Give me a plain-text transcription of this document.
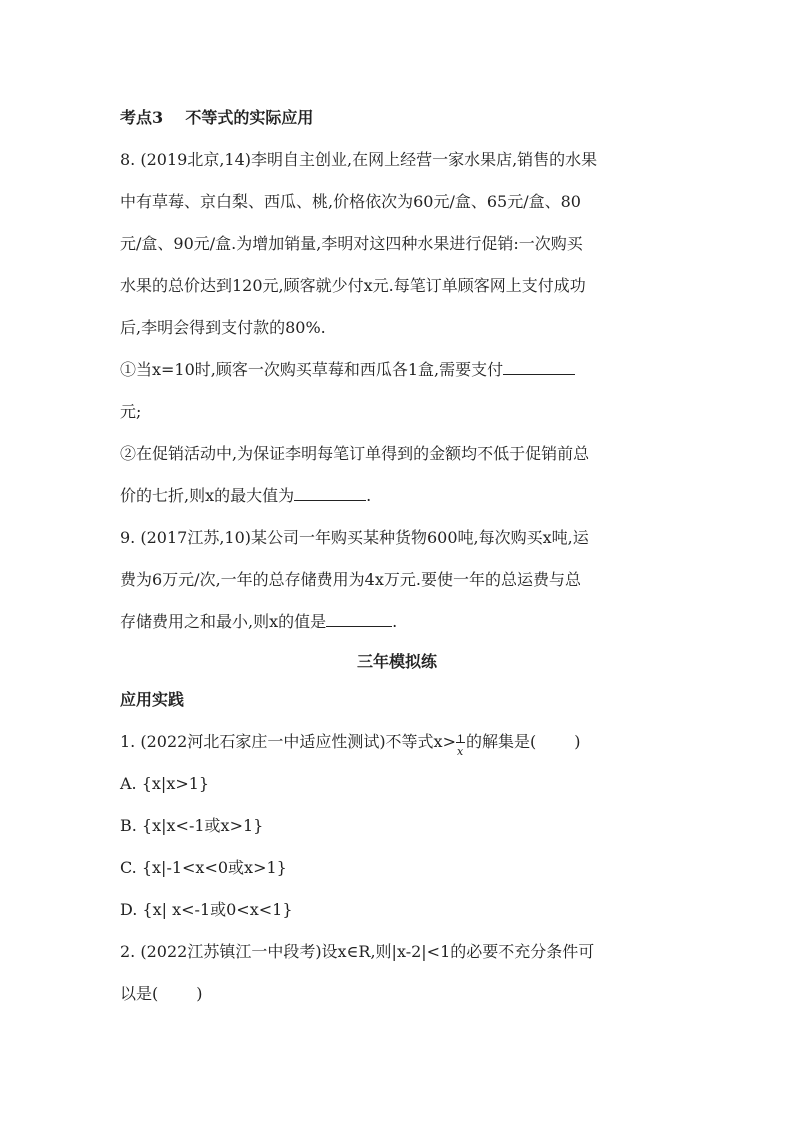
考点3 不等式的实际应用
8. (2019北京,14)李明自主创业,在网上经营一家水果店,销售的水果
中有草莓、京白梨、西瓜、桃,价格依次为60元/盒、65元/盒、80
元/盒、90元/盒.为增加销量,李明对这四种水果进行促销:一次购买
水果的总价达到120元,顾客就少付x元.每笔订单顾客网上支付成功
后,李明会得到支付款的80%.
①当x=10时,顾客一次购买草莓和西瓜各1盒,需要支付
元;
②在促销活动中,为保证李明每笔订单得到的金额均不低于促销前总
价的七折,则x的最大值为	.
9. (2017江苏,10)某公司一年购买某种货物600吨,每次购买x吨,运
费为6万元/次,一年的总存储费用为4x万元.要使一年的总运费与总
存储费用之和最小,则x的值是	.
三年模拟练
应用实践
1. (2022河北石家庄一中适应性测试)不等式x> 1
x 的解集是( )
A. {x|x>1}
B. {x|x<-1或x>1}
C. {x|-1<x<0或x>1}
D. {x| x<-1或0<x<1}
2. (2022江苏镇江一中段考)设x∈R,则|x-2|<1的必要不充分条件可
以是( )
